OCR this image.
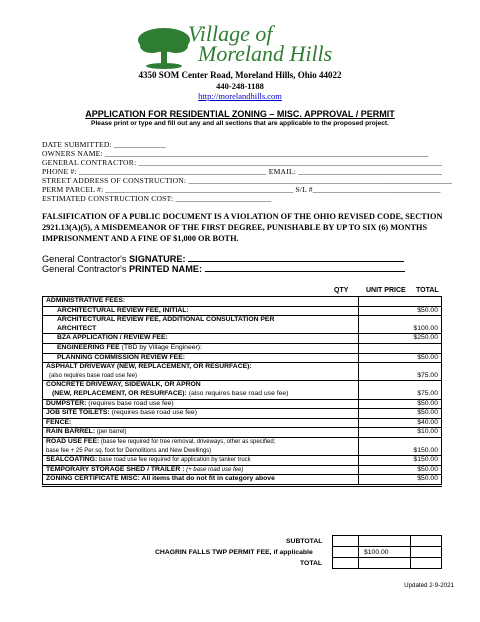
Village of
Moreland Hills
4350 SOM Center Road, Moreland Hills, Ohio 44022
440-248-1188
http://morelandhills.com
APPLICATION FOR RESIDENTIAL ZONING – MISC. APPROVAL / PERMIT
Please print or type and fill out any and all sections that are applicable to the proposed project.
DATE SUBMITTED: _____________
OWNERS NAME: _________________________________________________________________________________
GENERAL CONTRACTOR: ____________________________________________________________________________
PHONE #: _______________________________________________ EMAIL: ____________________________________
STREET ADDRESS OF CONSTRUCTION: __________________________________________________________________
PERM PARCEL #: _______________________________________________ S/L #________________________________
ESTIMATED CONSTRUCTION COST: ________________________
FALSIFICATION OF A PUBLIC DOCUMENT IS A VIOLATION OF THE OHIO REVISED CODE, SECTION 2921.13(A)(5), A MISDEMEANOR OF THE FIRST DEGREE, PUNISHABLE BY UP TO SIX (6) MONTHS IMPRISONMENT AND A FINE OF $1,000 OR BOTH.
General Contractor's SIGNATURE:
General Contractor's PRINTED NAME:
QTY	UNIT PRICE TOTAL
ADMINISTRATIVE FEES:	
ARCHITECTURAL REVIEW FEE, INITIAL:	$50.00

ARCHITECTURAL REVIEW FEE, ADDITIONAL CONSULTATION PER
ARCHITECT	$100.00
BZA APPLICATION / REVIEW FEE:	$250.00
ENGINEERING FEE (TBD by Village Engineer):	
PLANNING COMMISSION REVIEW FEE:	$50.00

ASPHALT DRIVEWAY (NEW, REPLACEMENT, OR RESURFACE):
(also requires base road use fee)	$75.00

CONCRETE DRIVEWAY, SIDEWALK, OR APRON
(NEW, REPLACEMENT, OR RESURFACE): (also requires base road use fee)	$75.00
DUMPSTER: (requires base road use fee)	$50.00
JOB SITE TOILETS: (requires base road use fee)	$50.00
FENCE:	$40.00
RAIN BARREL: (per barrel)	$10.00

ROAD USE FEE: (base fee required for tree removal, driveways, other as specified;
base fee + 25 Per sq. foot for Demolitions and New Dwellings)	$150.00
SEALCOATING: base road use fee required for application by tanker truck	$150.00
TEMPORARY STORAGE SHED / TRAILER : (+ base road use fee)	$50.00
ZONING CERTIFICATE MISC: All items that do not fit in category above	$50.00
SUBTOTAL
CHAGRIN FALLS TWP PERMIT FEE, if applicable	$100.00
TOTAL
Updated 2-9-2021
